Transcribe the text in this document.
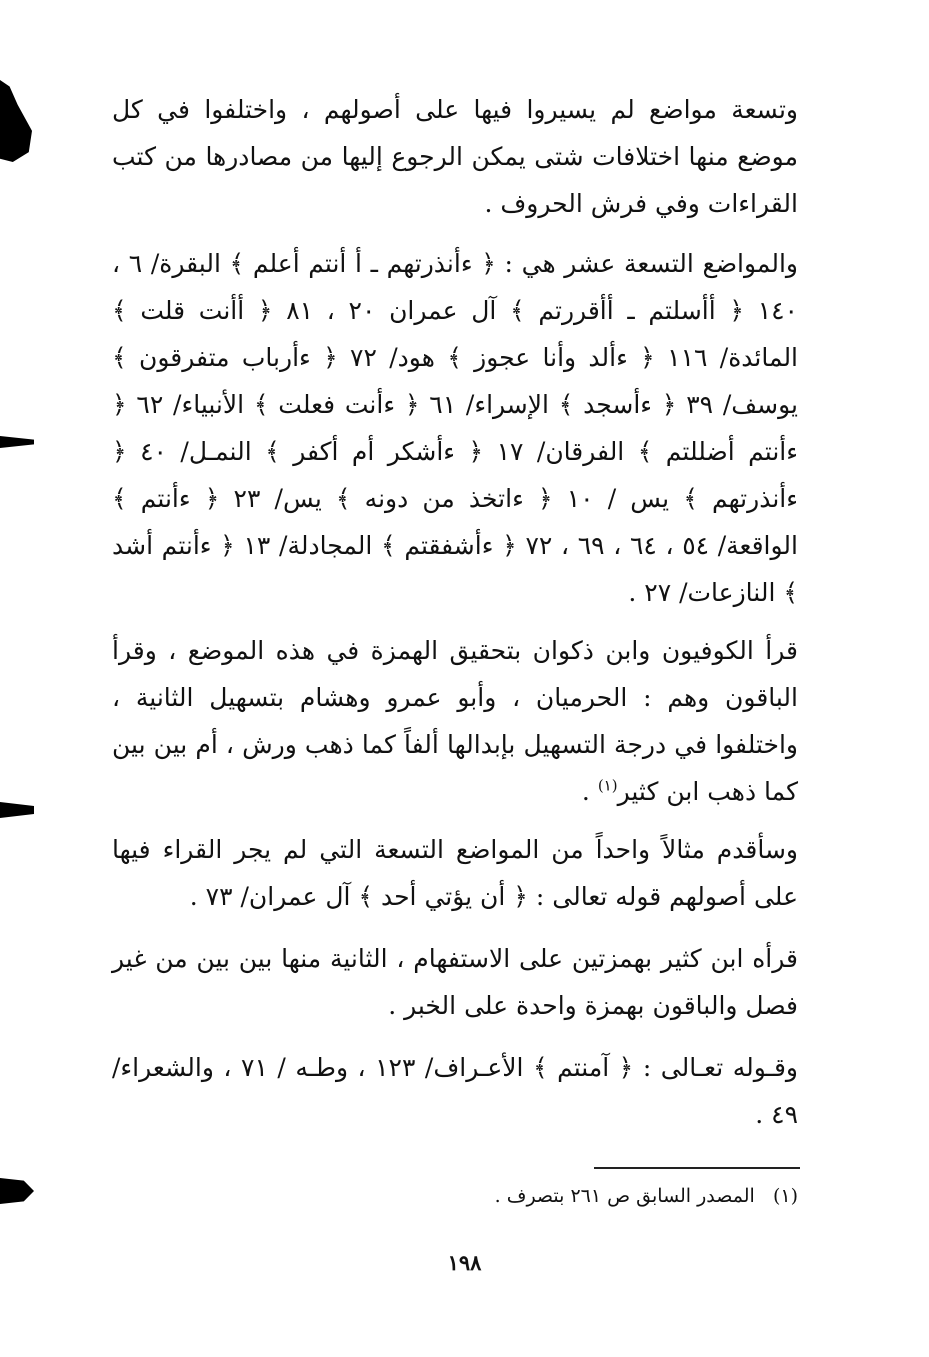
وتسعة مواضع لم يسيروا فيها على أصولهم ، واختلفوا في كل موضع منها اختلافات شتى يمكن الرجوع إليها من مصادرها من كتب القراءات وفي فرش الحروف .

والمواضع التسعة عشر هي : ﴿ ءأنذرتهم ـ أ أنتم أعلم ﴾ البقرة/ ٦ ، ١٤٠ ﴿ أأسلتم ـ أأقررتم ﴾ آل عمران ٢٠ ، ٨١ ﴿ أأنت قلت ﴾ المائدة/ ١١٦ ﴿ ءألد وأنا عجوز ﴾ هود/ ٧٢ ﴿ ءأرباب متفرقون ﴾ يوسف/ ٣٩ ﴿ ءأسجد ﴾ الإسراء/ ٦١ ﴿ ءأنت فعلت ﴾ الأنبياء/ ٦٢ ﴿ ءأنتم أضللتم ﴾ الفرقان/ ١٧ ﴿ ءأشكر أم أكفر ﴾ النمـل/ ٤٠ ﴿ ءأنذرتهم ﴾ يس / ١٠ ﴿ ءاتخذ من دونه ﴾ يس/ ٢٣ ﴿ ءأنتم ﴾ الواقعة/ ٥٤ ، ٦٤ ، ٦٩ ، ٧٢ ﴿ ءأشفقتم ﴾ المجادلة/ ١٣ ﴿ ءأنتم أشد ﴾ النازعات/ ٢٧ .

قرأ الكوفيون وابن ذكوان بتحقيق الهمزة في هذه الموضع ، وقرأ الباقون وهم : الحرميان ، وأبو عمرو وهشام بتسهيل الثانية ، واختلفوا في درجة التسهيل بإبدالها ألفاً كما ذهب ورش ، أم بين بين كما ذهب ابن كثير$^{(١)}$ .

وسأقدم مثالاً واحداً من المواضع التسعة التي لم يجر القراء فيها على أصولهم قوله تعالى : ﴿ أن يؤتي أحد ﴾ آل عمران/ ٧٣ .

قرأه ابن كثير بهمزتين على الاستفهام ، الثانية منها بين بين من غير فصل والباقون بهمزة واحدة على الخبر .

وقـوله تعـالى : ﴿ آمنتم ﴾ الأعـراف/ ١٢٣ ، وطـه / ٧١ ، والشعراء/ ٤٩ .

(١)   المصدر السابق ص ٢٦١ بتصرف .

١٩٨
